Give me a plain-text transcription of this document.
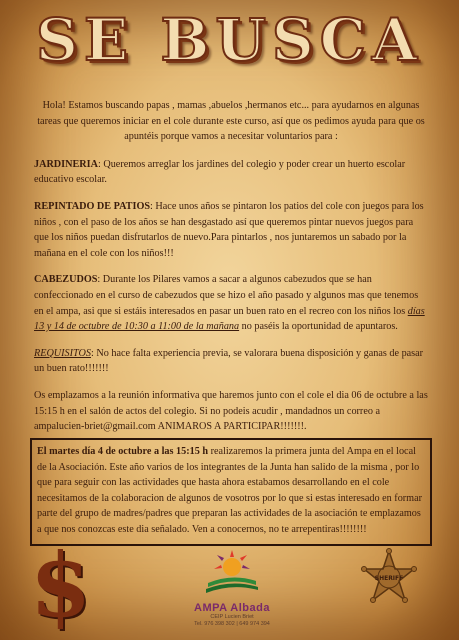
SE BUSCA

Hola! Estamos buscando papas , mamas ,abuelos ,hermanos etc... para ayudarnos en algunas tareas que queremos iniciar en el cole durante este curso, así que os pedimos ayuda para que os apuntéis porque vamos a necesitar voluntarios para :

JARDINERIA: Queremos arreglar los jardines del colegio y poder crear un huerto escolar educativo escolar.

REPINTADO DE PATIOS: Hace unos años se pintaron los patios del cole con juegos para los niños , con el paso de los años se han desgastado así que queremos pintar nuevos juegos para que los niños puedan disfrutarlos de nuevo.Para pintarlos , nos juntaremos un sabado por la mañana en el cole con los niños!!!

CABEZUDOS: Durante los Pilares vamos a sacar a algunos cabezudos que se han confeccionado en el curso de cabezudos que se hizo el año pasado y algunos mas que tenemos en el ampa, asi que si estáis interesados en pasar un buen rato en el recreo con los niños los días 13 y 14 de octubre de 10:30 a 11:00 de la mañana no paséis la oportunidad de apuntaros.

REQUISITOS: No hace falta experiencia previa, se valorara buena disposición y ganas de pasar un buen rato!!!!!!!

Os emplazamos a la reunión informativa que haremos junto con el cole el dia 06 de octubre a las 15:15 h en el salón de actos del colegio. Si no podeis acudir , mandadnos un correo a ampalucien-briet@gmail.com ANIMAROS A PARTICIPAR!!!!!!!.

El martes día 4 de octubre a las 15:15 h realizaremos la primera junta del Ampa en el local de la Asociación. Este año varios de los integrantes de la Junta han salido de la misma , por lo que para seguir con las actividades que hasta ahora estabamos desarrollando en el cole necesitamos de la colaboracion de algunos de vosotros por lo que si estas interesado en formar parte del grupo de madres/padres que preparan las actividades de la asociación te emplazamos a que nos conozcas este dia señalado. Ven a conocernos, no te arrepentiras!!!!!!!!
$	AMPA Albada
CEIP Lucien Briet
Tel. 976 398 302 | 649 974 394
SHERIFF
